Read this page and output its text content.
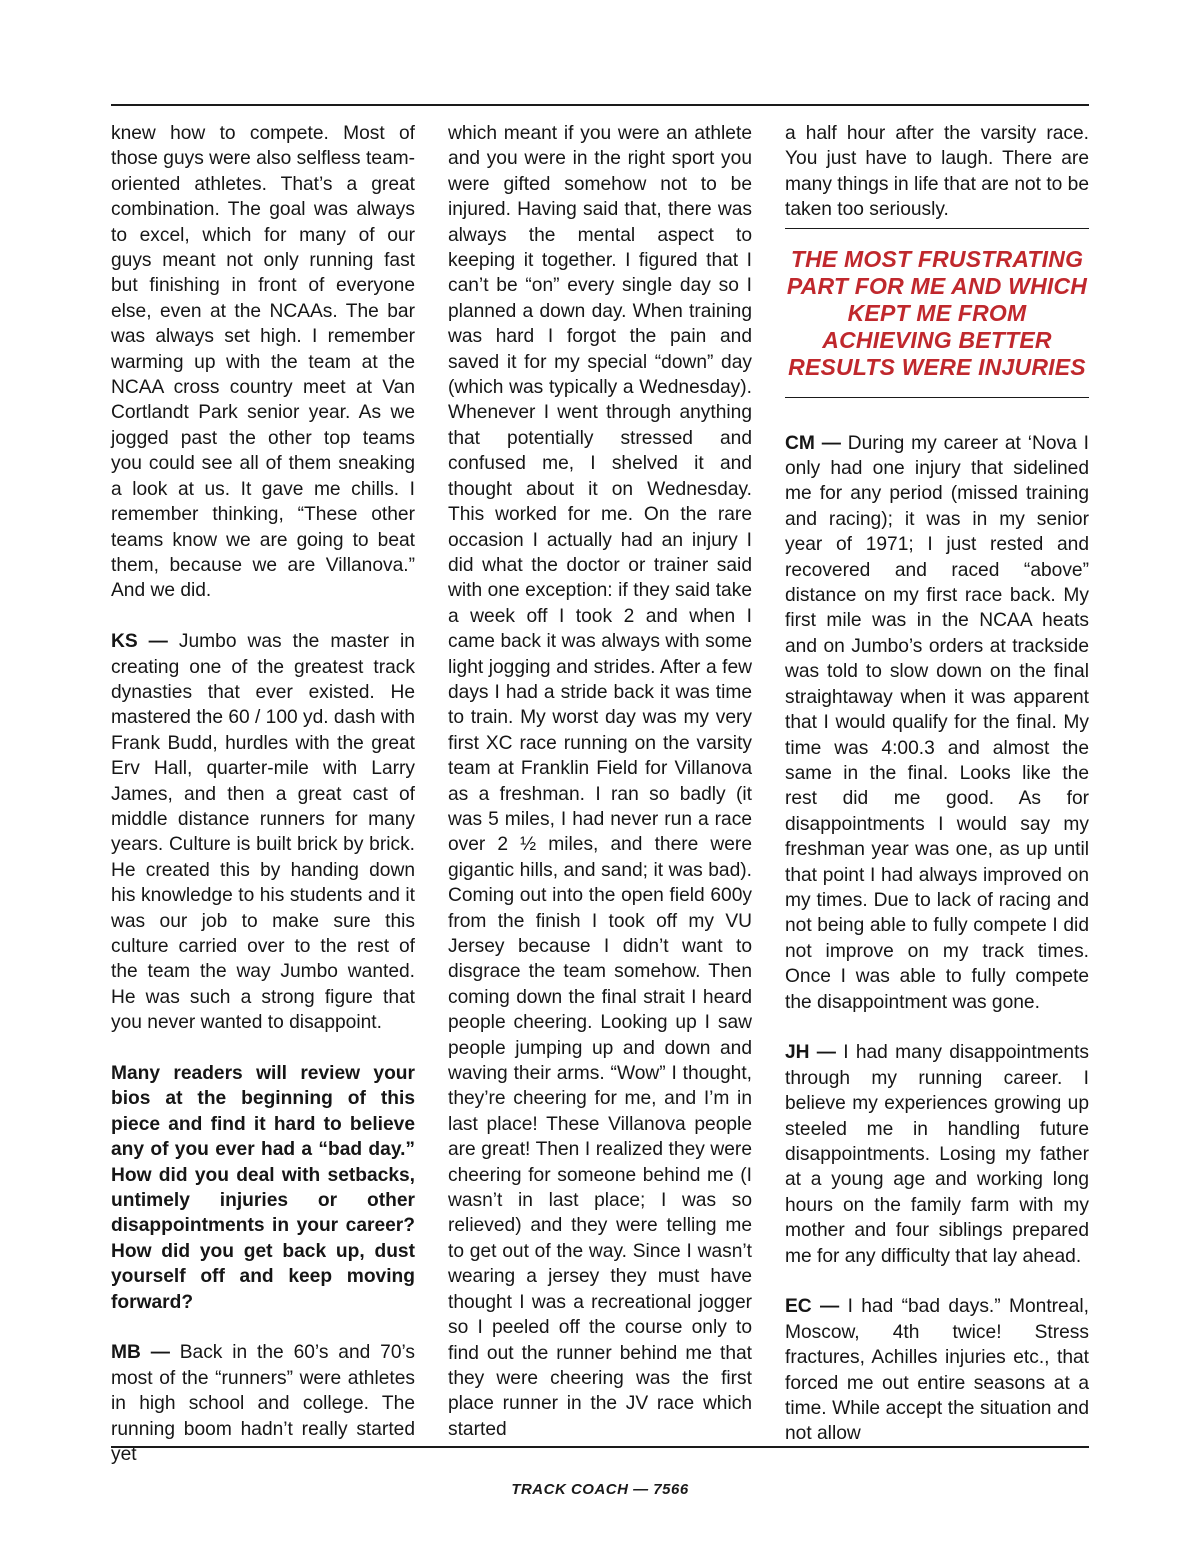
knew how to compete. Most of those guys were also selfless team-oriented athletes. That’s a great combination. The goal was always to excel, which for many of our guys meant not only running fast but finishing in front of everyone else, even at the NCAAs. The bar was always set high. I remember warming up with the team at the NCAA cross country meet at Van Cortlandt Park senior year. As we jogged past the other top teams you could see all of them sneaking a look at us. It gave me chills. I remember thinking, “These other teams know we are going to beat them, because we are Villanova.” And we did.

KS — Jumbo was the master in creating one of the greatest track dynasties that ever existed. He mastered the 60 / 100 yd. dash with Frank Budd, hurdles with the great Erv Hall, quarter-mile with Larry James, and then a great cast of middle distance runners for many years. Culture is built brick by brick. He created this by handing down his knowledge to his students and it was our job to make sure this culture carried over to the rest of the team the way Jumbo wanted. He was such a strong figure that you never wanted to disappoint.

Many readers will review your bios at the beginning of this piece and find it hard to believe any of you ever had a “bad day.” How did you deal with setbacks, untimely injuries or other disappointments in your career? How did you get back up, dust yourself off and keep moving forward?

MB — Back in the 60’s and 70’s most of the “runners” were athletes in high school and college. The running boom hadn’t really started yet

which meant if you were an athlete and you were in the right sport you were gifted somehow not to be injured. Having said that, there was always the mental aspect to keeping it together. I figured that I can’t be “on” every single day so I planned a down day. When training was hard I forgot the pain and saved it for my special “down” day (which was typically a Wednesday). Whenever I went through anything that potentially stressed and confused me, I shelved it and thought about it on Wednesday. This worked for me. On the rare occasion I actually had an injury I did what the doctor or trainer said with one exception: if they said take a week off I took 2 and when I came back it was always with some light jogging and strides. After a few days I had a stride back it was time to train. My worst day was my very first XC race running on the varsity team at Franklin Field for Villanova as a freshman. I ran so badly (it was 5 miles, I had never run a race over 2 ½ miles, and there were gigantic hills, and sand; it was bad). Coming out into the open field 600y from the finish I took off my VU Jersey because I didn’t want to disgrace the team somehow. Then coming down the final strait I heard people cheering. Looking up I saw people jumping up and down and waving their arms. “Wow” I thought, they’re cheering for me, and I’m in last place! These Villanova people are great! Then I realized they were cheering for someone behind me (I wasn’t in last place; I was so relieved) and they were telling me to get out of the way. Since I wasn’t wearing a jersey they must have thought I was a recreational jogger so I peeled off the course only to find out the runner behind me that they were cheering was the first place runner in the JV race which started

a half hour after the varsity race. You just have to laugh. There are many things in life that are not to be taken too seriously.

THE MOST FRUSTRATING PART FOR ME AND WHICH KEPT ME FROM ACHIEVING BETTER RESULTS WERE INJURIES

CM — During my career at ‘Nova I only had one injury that sidelined me for any period (missed training and racing); it was in my senior year of 1971; I just rested and recovered and raced “above” distance on my first race back. My first mile was in the NCAA heats and on Jumbo’s orders at trackside was told to slow down on the final straightaway when it was apparent that I would qualify for the final. My time was 4:00.3 and almost the same in the final. Looks like the rest did me good. As for disappointments I would say my freshman year was one, as up until that point I had always improved on my times. Due to lack of racing and not being able to fully compete I did not improve on my track times. Once I was able to fully compete the disappointment was gone.

JH — I had many disappointments through my running career. I believe my experiences growing up steeled me in handling future disappointments. Losing my father at a young age and working long hours on the family farm with my mother and four siblings prepared me for any difficulty that lay ahead.

EC — I had “bad days.” Montreal, Moscow, 4th twice! Stress fractures, Achilles injuries etc., that forced me out entire seasons at a time. While accept the situation and not allow

TRACK COACH — 7566
